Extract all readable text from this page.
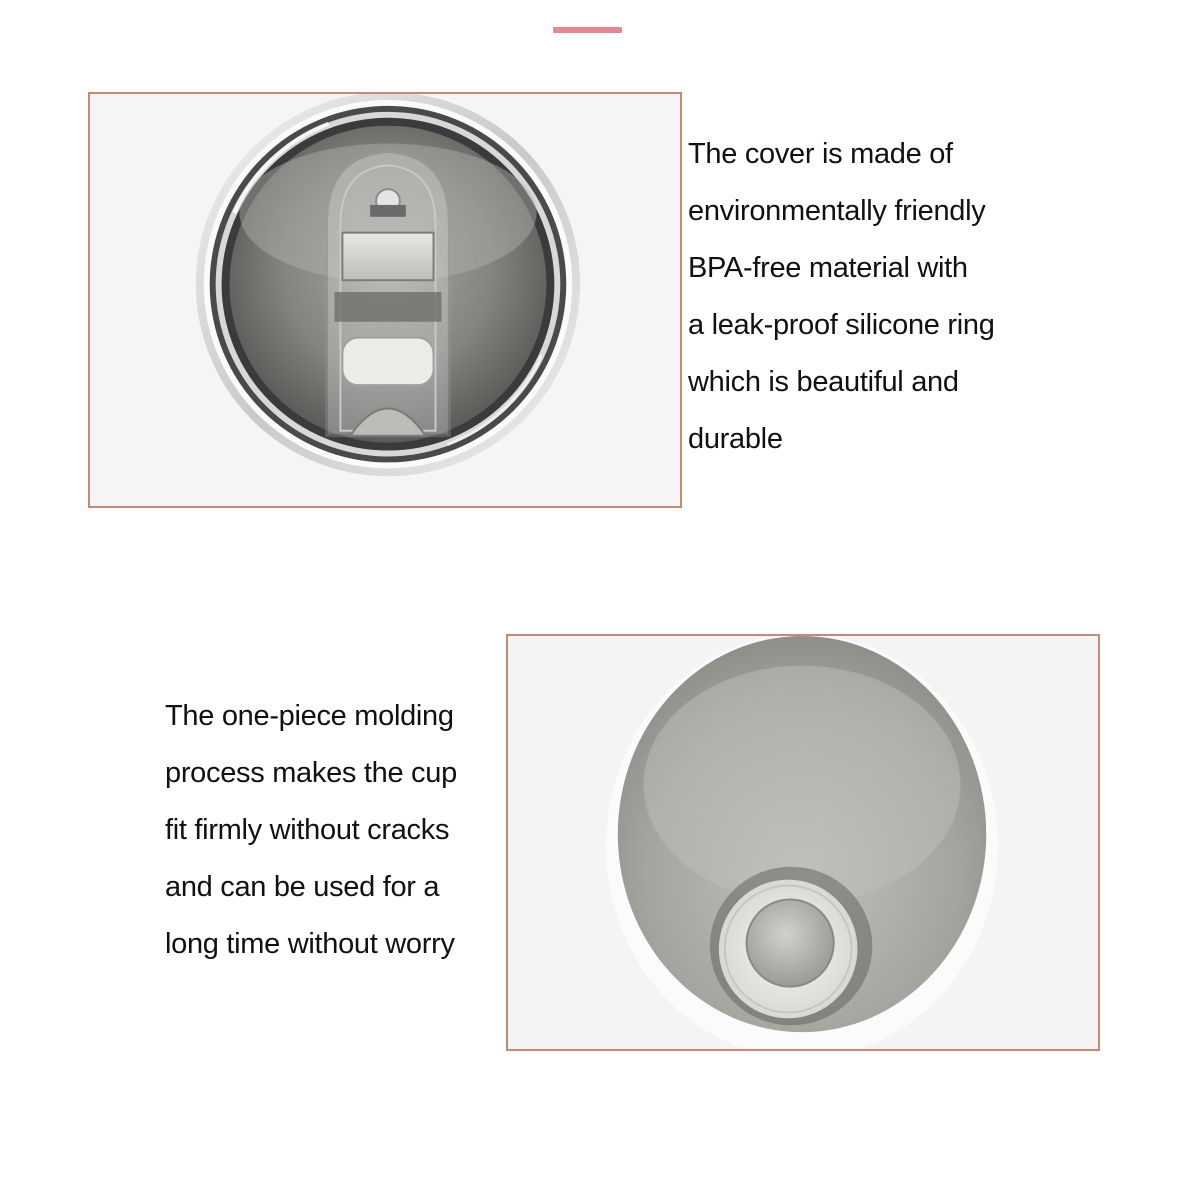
The cover is made of
environmentally friendly
BPA-free material with
a leak-proof silicone ring
which is beautiful and
durable

The one-piece molding
process makes the cup
fit firmly without cracks
and can be used for a
long time without worry
